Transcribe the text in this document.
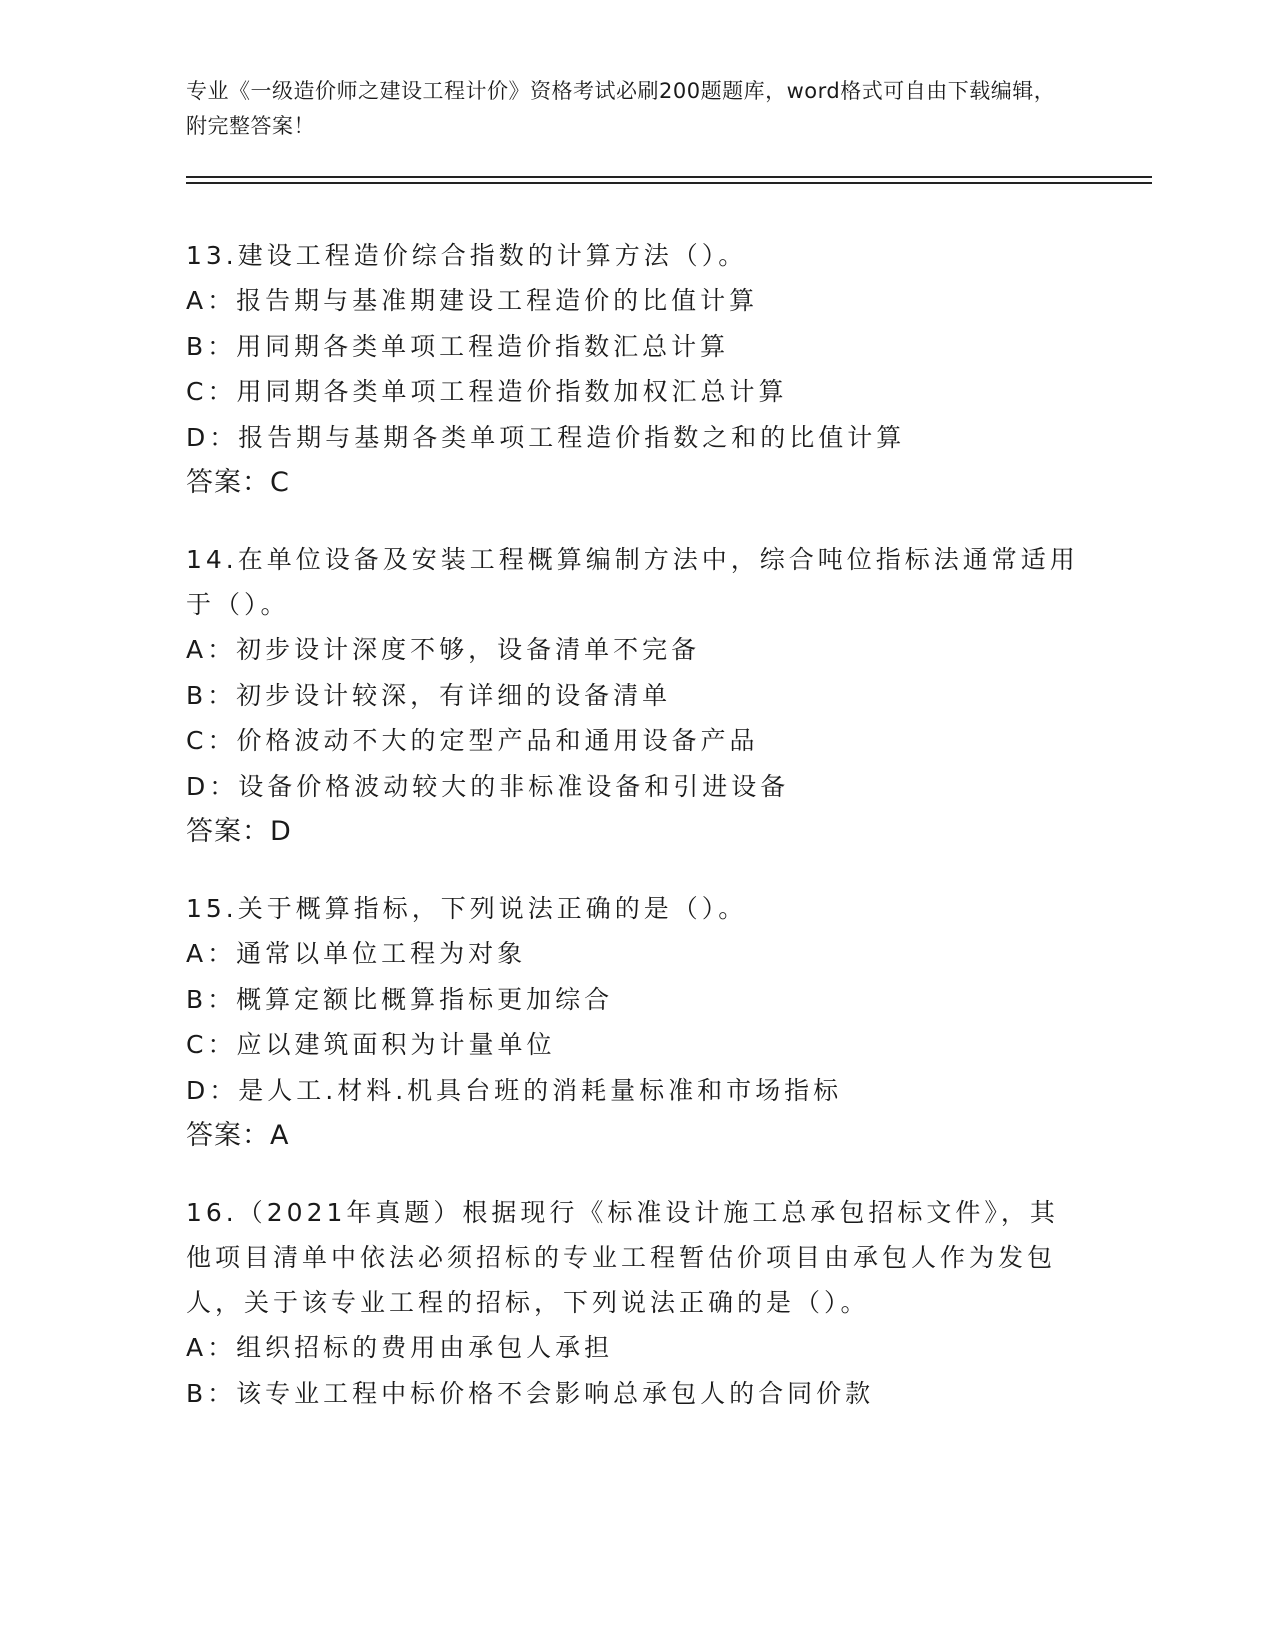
专业《一级造价师之建设工程计价》资格考试必刷200题题库，word格式可自由下载编辑，附完整答案！
13.建设工程造价综合指数的计算方法（）。
A：报告期与基准期建设工程造价的比值计算
B：用同期各类单项工程造价指数汇总计算
C：用同期各类单项工程造价指数加权汇总计算
D：报告期与基期各类单项工程造价指数之和的比值计算
答案：C
14.在单位设备及安装工程概算编制方法中，综合吨位指标法通常适用于（）。
A：初步设计深度不够，设备清单不完备
B：初步设计较深，有详细的设备清单
C：价格波动不大的定型产品和通用设备产品
D：设备价格波动较大的非标准设备和引进设备
答案：D
15.关于概算指标，下列说法正确的是（）。
A：通常以单位工程为对象
B：概算定额比概算指标更加综合
C：应以建筑面积为计量单位
D：是人工.材料.机具台班的消耗量标准和市场指标
答案：A
16.（2021年真题）根据现行《标准设计施工总承包招标文件》，其他项目清单中依法必须招标的专业工程暂估价项目由承包人作为发包人，关于该专业工程的招标，下列说法正确的是（）。
A：组织招标的费用由承包人承担
B：该专业工程中标价格不会影响总承包人的合同价款
